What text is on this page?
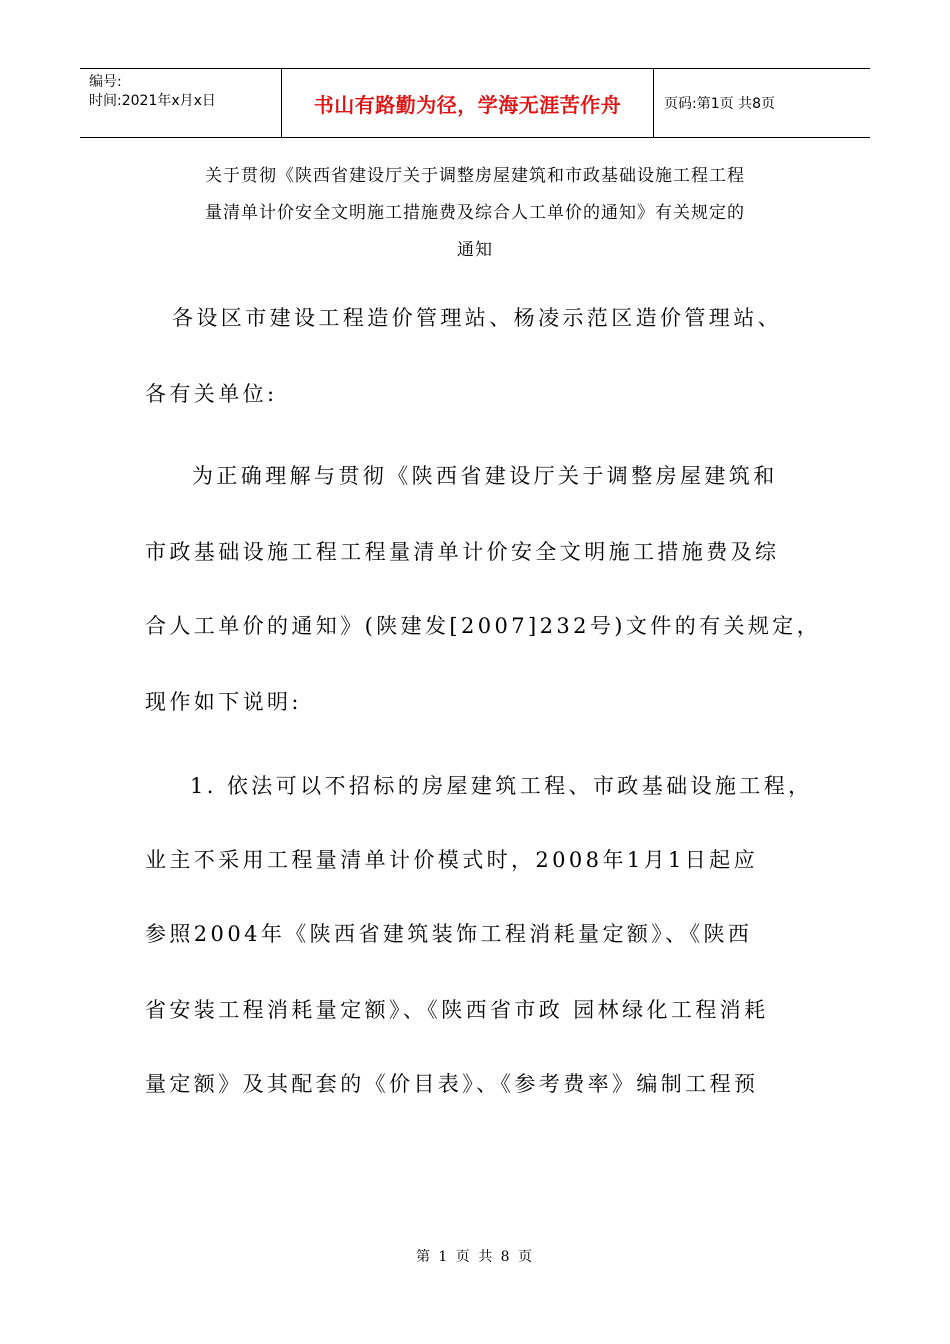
编号:
时间:2021年x月x日	书山有路勤为径，学海无涯苦作舟	页码:第1页 共8页
关于贯彻《陕西省建设厅关于调整房屋建筑和市政基础设施工程工程
量清单计价安全文明施工措施费及综合人工单价的通知》有关规定的
通知
各设区市建设工程造价管理站、杨凌示范区造价管理站、
各有关单位:
为正确理解与贯彻《陕西省建设厅关于调整房屋建筑和
市政基础设施工程工程量清单计价安全文明施工措施费及综
合人工单价的通知》(陕建发[2007]232号)文件的有关规定，
现作如下说明:
1. 依法可以不招标的房屋建筑工程、市政基础设施工程，
业主不采用工程量清单计价模式时，2008年1月1日起应
参照2004年《陕西省建筑装饰工程消耗量定额》、《陕西
省安装工程消耗量定额》、《陕西省市政 园林绿化工程消耗
量定额》及其配套的《价目表》、《参考费率》编制工程预
第 1 页 共 8 页
